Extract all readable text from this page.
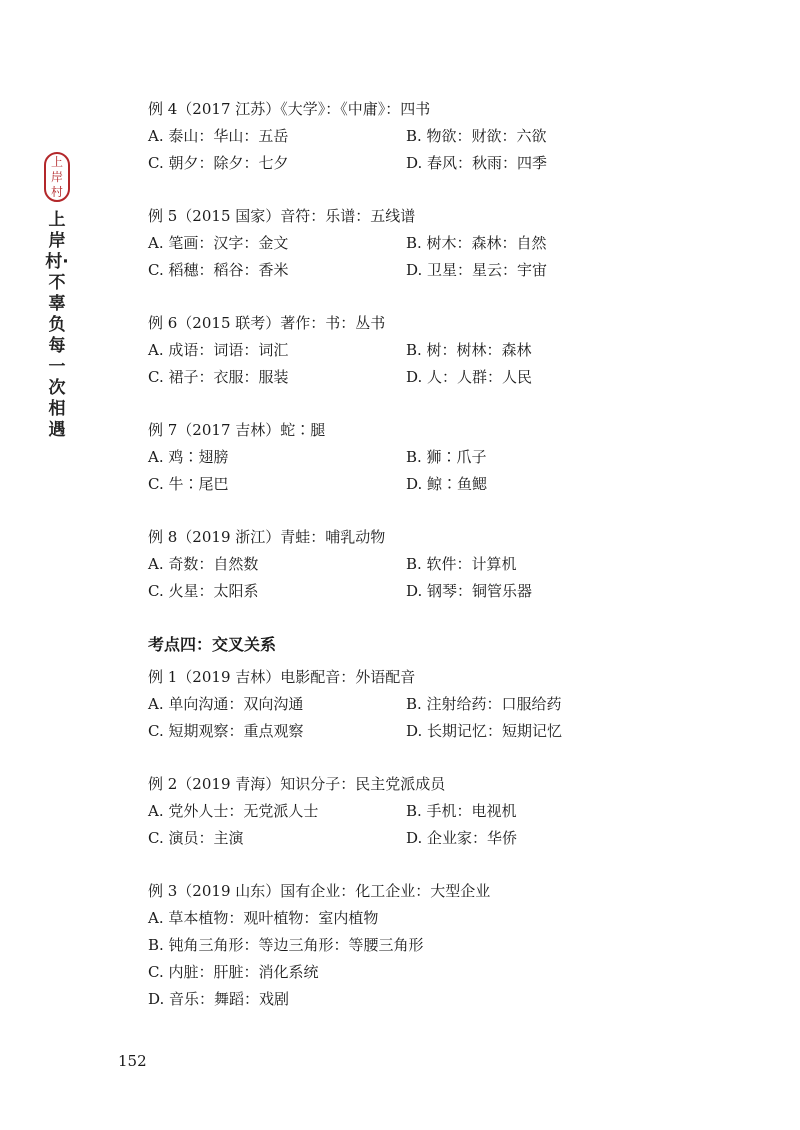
上
岸村
上岸村·不辜负每一次相遇
例 4（2017 江苏）《大学》：《中庸》：四书
A. 泰山：华山：五岳	B. 物欲：财欲：六欲
C. 朝夕：除夕：七夕	D. 春风：秋雨：四季
例 5（2015 国家）音符：乐谱：五线谱
A. 笔画：汉字：金文	B. 树木：森林：自然
C. 稻穗：稻谷：香米	D. 卫星：星云：宇宙
例 6（2015 联考）著作：书：丛书
A. 成语：词语：词汇	B. 树：树林：森林
C. 裙子：衣服：服装	D. 人：人群：人民
例 7（2017 吉林）蛇∶腿
A. 鸡∶翅膀	B. 狮∶爪子
C. 牛∶尾巴	D. 鲸∶鱼鳃
例 8（2019 浙江）青蛙：哺乳动物
A. 奇数：自然数	B. 软件：计算机
C. 火星：太阳系	D. 钢琴：铜管乐器
考点四：交叉关系
例 1（2019 吉林）电影配音：外语配音
A. 单向沟通：双向沟通	B. 注射给药：口服给药
C. 短期观察：重点观察	D. 长期记忆：短期记忆
例 2（2019 青海）知识分子：民主党派成员
A. 党外人士：无党派人士	B. 手机：电视机
C. 演员：主演	D. 企业家：华侨
例 3（2019 山东）国有企业：化工企业：大型企业
A. 草本植物：观叶植物：室内植物
B. 钝角三角形：等边三角形：等腰三角形
C. 内脏：肝脏：消化系统
D. 音乐：舞蹈：戏剧
152
